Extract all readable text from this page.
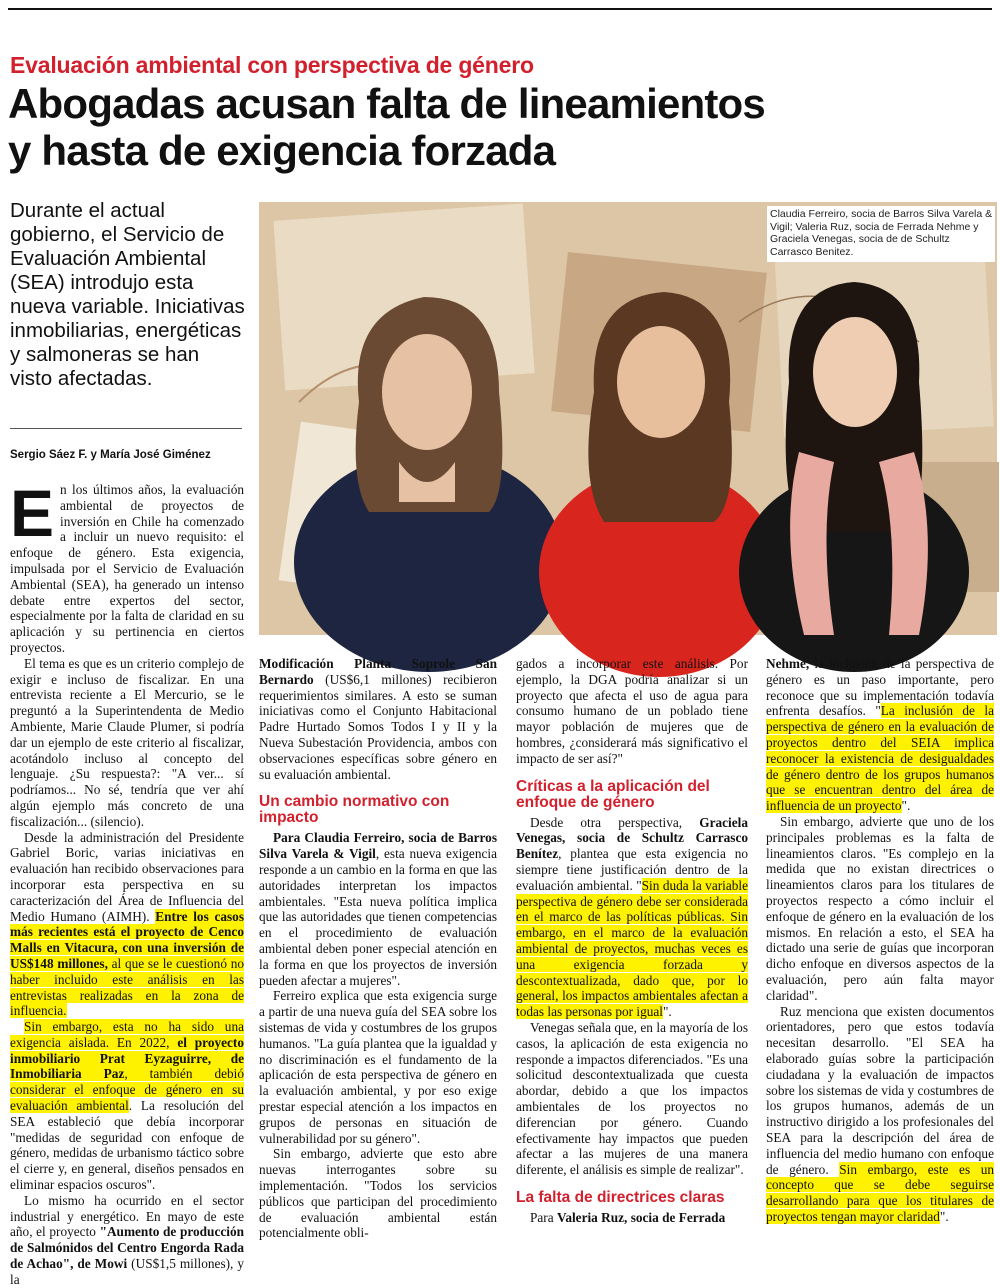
Evaluación ambiental con perspectiva de género
Abogadas acusan falta de lineamientos
y hasta de exigencia forzada
Durante el actual gobierno, el Servicio de Evaluación Ambiental (SEA) introdujo esta nueva variable. Iniciativas inmobiliarias, energéticas y salmoneras se han visto afectadas.
Sergio Sáez F. y María José Giménez
Claudia Ferreiro, socia de Barros Silva Varela & Vigil; Valeria Ruz, socia de Ferrada Nehme y Graciela Venegas, socia de de Schultz Carrasco Benitez.

En los últimos años, la evaluación ambiental de proyectos de inversión en Chile ha comenzado a incluir un nuevo requisito: el enfoque de género. Esta exigencia, impulsada por el Servicio de Evaluación Ambiental (SEA), ha generado un intenso debate entre expertos del sector, especialmente por la falta de claridad en su aplicación y su pertinencia en ciertos proyectos.

El tema es que es un criterio complejo de exigir e incluso de fiscalizar. En una entrevista reciente a El Mercurio, se le preguntó a la Superintendenta de Medio Ambiente, Marie Claude Plumer, si podría dar un ejemplo de este criterio al fiscalizar, acotándolo incluso al concepto del lenguaje. ¿Su respuesta?: "A ver... sí podríamos... No sé, tendría que ver ahí algún ejemplo más concreto de una fiscalización... (silencio).

Desde la administración del Presidente Gabriel Boric, varias iniciativas en evaluación han recibido observaciones para incorporar esta perspectiva en su caracterización del Área de Influencia del Medio Humano (AIMH). Entre los casos más recientes está el proyecto de Cenco Malls en Vitacura, con una inversión de US$148 millones, al que se le cuestionó no haber incluido este análisis en las entrevistas realizadas en la zona de influencia.

Sin embargo, esta no ha sido una exigencia aislada. En 2022, el proyecto inmobiliario Prat Eyzaguirre, de Inmobiliaria Paz, también debió considerar el enfoque de género en su evaluación ambiental. La resolución del SEA estableció que debía incorporar "medidas de seguridad con enfoque de género, medidas de urbanismo táctico sobre el cierre y, en general, diseños pensados en eliminar espacios oscuros".

Lo mismo ha ocurrido en el sector industrial y energético. En mayo de este año, el proyecto "Aumento de producción de Salmónidos del Centro Engorda Rada de Achao", de Mowi (US$1,5 millones), y la

Modificación Planta Soprole San Bernardo (US$6,1 millones) recibieron requerimientos similares. A esto se suman iniciativas como el Conjunto Habitacional Padre Hurtado Somos Todos I y II y la Nueva Subestación Providencia, ambos con observaciones específicas sobre género en su evaluación ambiental.

Un cambio normativo con impacto

Para Claudia Ferreiro, socia de Barros Silva Varela & Vigil, esta nueva exigencia responde a un cambio en la forma en que las autoridades interpretan los impactos ambientales. "Esta nueva política implica que las autoridades que tienen competencias en el procedimiento de evaluación ambiental deben poner especial atención en la forma en que los proyectos de inversión pueden afectar a mujeres".

Ferreiro explica que esta exigencia surge a partir de una nueva guía del SEA sobre los sistemas de vida y costumbres de los grupos humanos. "La guía plantea que la igualdad y no discriminación es el fundamento de la aplicación de esta perspectiva de género en la evaluación ambiental, y por eso exige prestar especial atención a los impactos en grupos de personas en situación de vulnerabilidad por su género".

Sin embargo, advierte que esto abre nuevas interrogantes sobre su implementación. "Todos los servicios públicos que participan del procedimiento de evaluación ambiental están potencialmente obli-

gados a incorporar este análisis. Por ejemplo, la DGA podría analizar si un proyecto que afecta el uso de agua para consumo humano de un poblado tiene mayor población de mujeres que de hombres, ¿considerará más significativo el impacto de ser así?"

Críticas a la aplicación del enfoque de género

Desde otra perspectiva, Graciela Venegas, socia de Schultz Carrasco Benítez, plantea que esta exigencia no siempre tiene justificación dentro de la evaluación ambiental. "Sin duda la variable perspectiva de género debe ser considerada en el marco de las políticas públicas. Sin embargo, en el marco de la evaluación ambiental de proyectos, muchas veces es una exigencia forzada y descontextualizada, dado que, por lo general, los impactos ambientales afectan a todas las personas por igual".

Venegas señala que, en la mayoría de los casos, la aplicación de esta exigencia no responde a impactos diferenciados. "Es una solicitud descontextualizada que cuesta abordar, debido a que los impactos ambientales de los proyectos no diferencian por género. Cuando efectivamente hay impactos que pueden afectar a las mujeres de una manera diferente, el análisis es simple de realizar".

La falta de directrices claras

Para Valeria Ruz, socia de Ferrada

Nehme, la inclusión de la perspectiva de género es un paso importante, pero reconoce que su implementación todavía enfrenta desafíos. "La inclusión de la perspectiva de género en la evaluación de proyectos dentro del SEIA implica reconocer la existencia de desigualdades de género dentro de los grupos humanos que se encuentran dentro del área de influencia de un proyecto".

Sin embargo, advierte que uno de los principales problemas es la falta de lineamientos claros. "Es complejo en la medida que no existan directrices o lineamientos claros para los titulares de proyectos respecto a cómo incluir el enfoque de género en la evaluación de los mismos. En relación a esto, el SEA ha dictado una serie de guías que incorporan dicho enfoque en diversos aspectos de la evaluación, pero aún falta mayor claridad".

Ruz menciona que existen documentos orientadores, pero que estos todavía necesitan desarrollo. "El SEA ha elaborado guías sobre la participación ciudadana y la evaluación de impactos sobre los sistemas de vida y costumbres de los grupos humanos, además de un instructivo dirigido a los profesionales del SEA para la descripción del área de influencia del medio humano con enfoque de género. Sin embargo, este es un concepto que se debe seguirse desarrollando para que los titulares de proyectos tengan mayor claridad".
